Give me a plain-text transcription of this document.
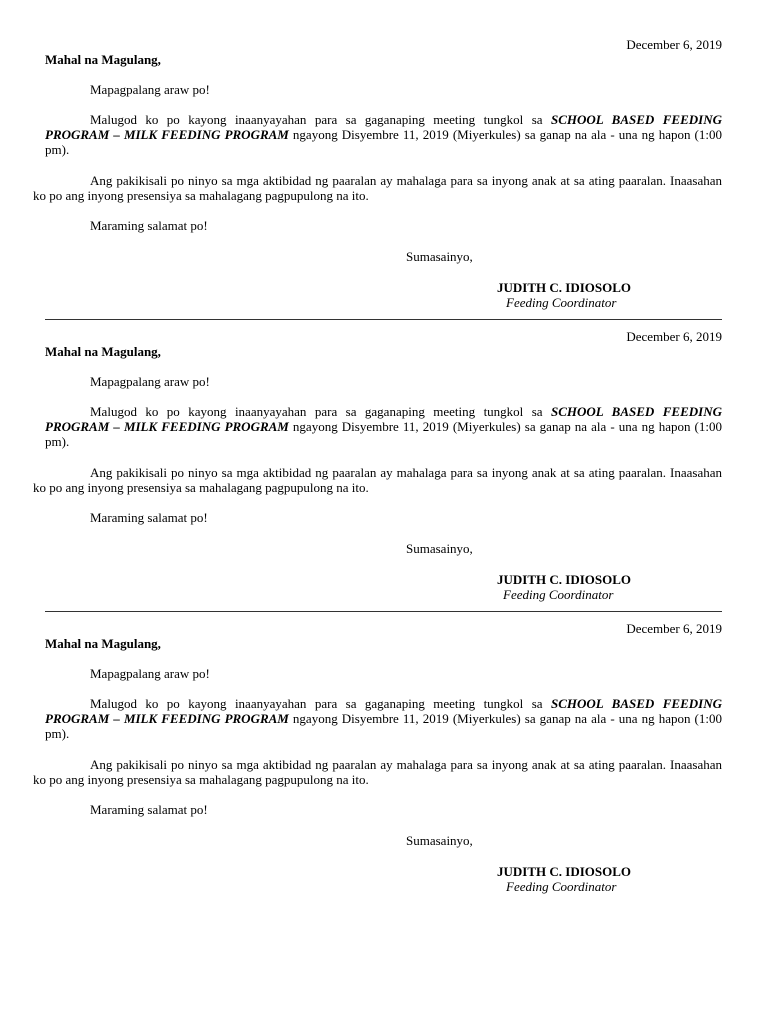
December 6, 2019
Mahal na Magulang,
Mapagpalang araw po!

Malugod ko po kayong inaanyayahan para sa gaganaping meeting tungkol sa SCHOOL BASED FEEDING PROGRAM – MILK FEEDING PROGRAM ngayong Disyembre 11, 2019 (Miyerkules) sa ganap na ala - una ng hapon (1:00 pm).

Ang pakikisali po ninyo sa mga aktibidad ng paaralan ay mahalaga para sa inyong anak at sa ating paaralan. Inaasahan ko po ang inyong presensiya sa mahalagang pagpupulong na ito.

Maraming salamat po!
Sumasainyo,
JUDITH C. IDIOSOLO
Feeding Coordinator
December 6, 2019
Mahal na Magulang,
Mapagpalang araw po!

Malugod ko po kayong inaanyayahan para sa gaganaping meeting tungkol sa SCHOOL BASED FEEDING PROGRAM – MILK FEEDING PROGRAM ngayong Disyembre 11, 2019 (Miyerkules) sa ganap na ala - una ng hapon (1:00 pm).

Ang pakikisali po ninyo sa mga aktibidad ng paaralan ay mahalaga para sa inyong anak at sa ating paaralan. Inaasahan ko po ang inyong presensiya sa mahalagang pagpupulong na ito.

Maraming salamat po!
Sumasainyo,
JUDITH C. IDIOSOLO
Feeding Coordinator
December 6, 2019
Mahal na Magulang,
Mapagpalang araw po!

Malugod ko po kayong inaanyayahan para sa gaganaping meeting tungkol sa SCHOOL BASED FEEDING PROGRAM – MILK FEEDING PROGRAM ngayong Disyembre 11, 2019 (Miyerkules) sa ganap na ala - una ng hapon (1:00 pm).

Ang pakikisali po ninyo sa mga aktibidad ng paaralan ay mahalaga para sa inyong anak at sa ating paaralan. Inaasahan ko po ang inyong presensiya sa mahalagang pagpupulong na ito.

Maraming salamat po!
Sumasainyo,
JUDITH C. IDIOSOLO
Feeding Coordinator
